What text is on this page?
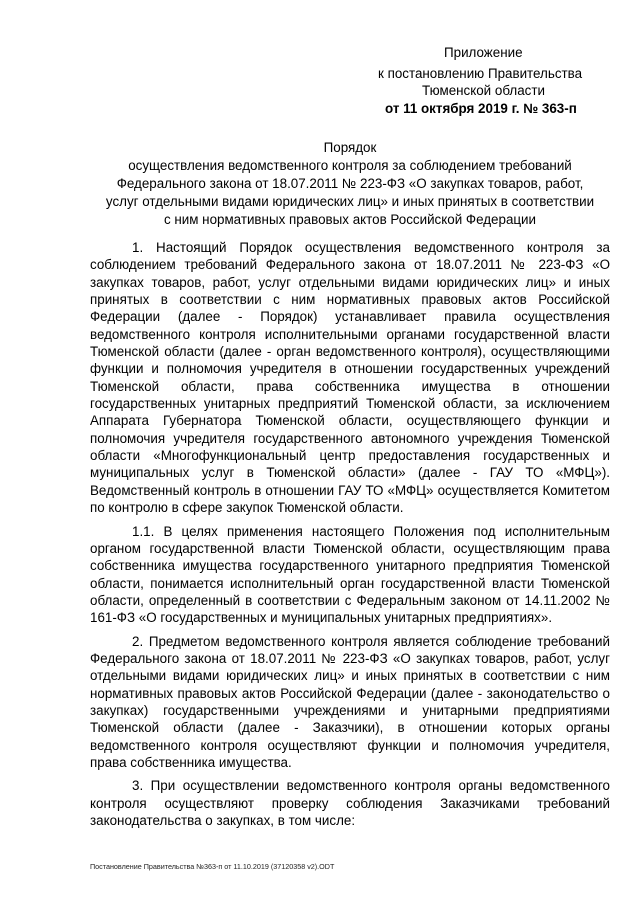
Приложение
к постановлению Правительства
Тюменской области
от 11 октября 2019 г. № 363-п
Порядок
осуществления ведомственного контроля за соблюдением требований
Федерального закона от 18.07.2011 № 223-ФЗ «О закупках товаров, работ,
услуг отдельными видами юридических лиц» и иных принятых в соответствии
с ним нормативных правовых актов Российской Федерации

1. Настоящий Порядок осуществления ведомственного контроля за соблюдением требований Федерального закона от 18.07.2011 № 223-ФЗ «О закупках товаров, работ, услуг отдельными видами юридических лиц» и иных принятых в соответствии с ним нормативных правовых актов Российской Федерации (далее - Порядок) устанавливает правила осуществления ведомственного контроля исполнительными органами государственной власти Тюменской области (далее - орган ведомственного контроля), осуществляющими функции и полномочия учредителя в отношении государственных учреждений Тюменской области, права собственника имущества в отношении государственных унитарных предприятий Тюменской области, за исключением Аппарата Губернатора Тюменской области, осуществляющего функции и полномочия учредителя государственного автономного учреждения Тюменской области «Многофункциональный центр предоставления государственных и муниципальных услуг в Тюменской области» (далее - ГАУ ТО «МФЦ»). Ведомственный контроль в отношении ГАУ ТО «МФЦ» осуществляется Комитетом по контролю в сфере закупок Тюменской области.

1.1. В целях применения настоящего Положения под исполнительным органом государственной власти Тюменской области, осуществляющим права собственника имущества государственного унитарного предприятия Тюменской области, понимается исполнительный орган государственной власти Тюменской области, определенный в соответствии с Федеральным законом от 14.11.2002 № 161-ФЗ «О государственных и муниципальных унитарных предприятиях».

2. Предметом ведомственного контроля является соблюдение требований Федерального закона от 18.07.2011 № 223-ФЗ «О закупках товаров, работ, услуг отдельными видами юридических лиц» и иных принятых в соответствии с ним нормативных правовых актов Российской Федерации (далее - законодательство о закупках) государственными учреждениями и унитарными предприятиями Тюменской области (далее - Заказчики), в отношении которых органы ведомственного контроля осуществляют функции и полномочия учредителя, права собственника имущества.

3. При осуществлении ведомственного контроля органы ведомственного контроля осуществляют проверку соблюдения Заказчиками требований законодательства о закупках, в том числе:

Постановление Правительства №363-п от 11.10.2019 (37120358 v2).ODT
